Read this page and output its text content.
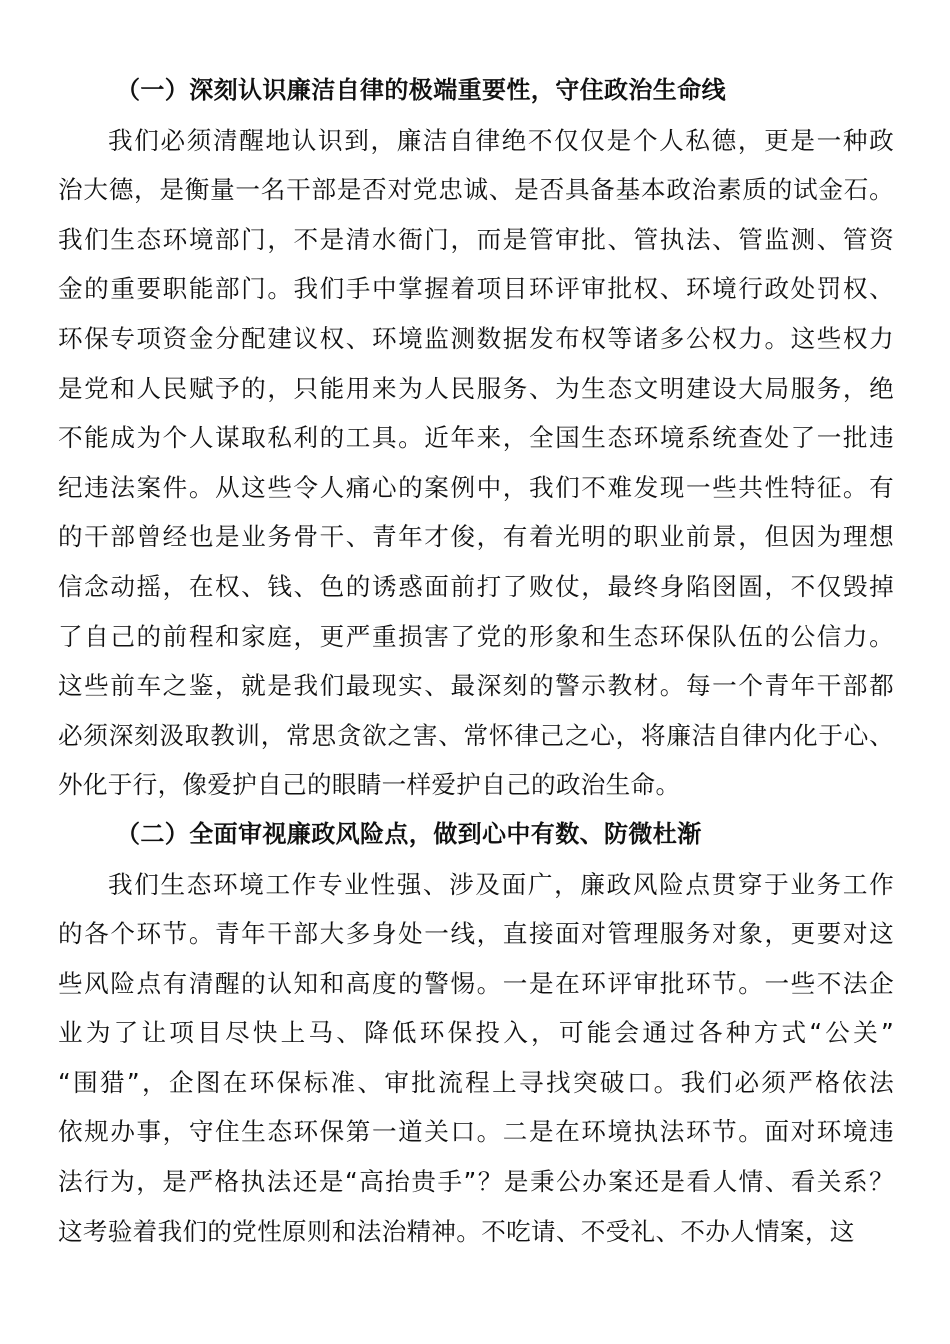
（一）深刻认识廉洁自律的极端重要性，守住政治生命线

我们必须清醒地认识到，廉洁自律绝不仅仅是个人私德，更是一种政
治大德，是衡量一名干部是否对党忠诚、是否具备基本政治素质的试金石。
我们生态环境部门，不是清水衙门，而是管审批、管执法、管监测、管资
金的重要职能部门。我们手中掌握着项目环评审批权、环境行政处罚权、
环保专项资金分配建议权、环境监测数据发布权等诸多公权力。这些权力
是党和人民赋予的，只能用来为人民服务、为生态文明建设大局服务，绝
不能成为个人谋取私利的工具。近年来，全国生态环境系统查处了一批违
纪违法案件。从这些令人痛心的案例中，我们不难发现一些共性特征。有
的干部曾经也是业务骨干、青年才俊，有着光明的职业前景，但因为理想
信念动摇，在权、钱、色的诱惑面前打了败仗，最终身陷囹圄，不仅毁掉
了自己的前程和家庭，更严重损害了党的形象和生态环保队伍的公信力。
这些前车之鉴，就是我们最现实、最深刻的警示教材。每一个青年干部都
必须深刻汲取教训，常思贪欲之害、常怀律己之心，将廉洁自律内化于心、
外化于行，像爱护自己的眼睛一样爱护自己的政治生命。

（二）全面审视廉政风险点，做到心中有数、防微杜渐

我们生态环境工作专业性强、涉及面广，廉政风险点贯穿于业务工作
的各个环节。青年干部大多身处一线，直接面对管理服务对象，更要对这
些风险点有清醒的认知和高度的警惕。一是在环评审批环节。一些不法企
业为了让项目尽快上马、降低环保投入，可能会通过各种方式“公关”
“围猎”，企图在环保标准、审批流程上寻找突破口。我们必须严格依法
依规办事，守住生态环保第一道关口。二是在环境执法环节。面对环境违
法行为，是严格执法还是“高抬贵手”？是秉公办案还是看人情、看关系？
这考验着我们的党性原则和法治精神。不吃请、不受礼、不办人情案，这
